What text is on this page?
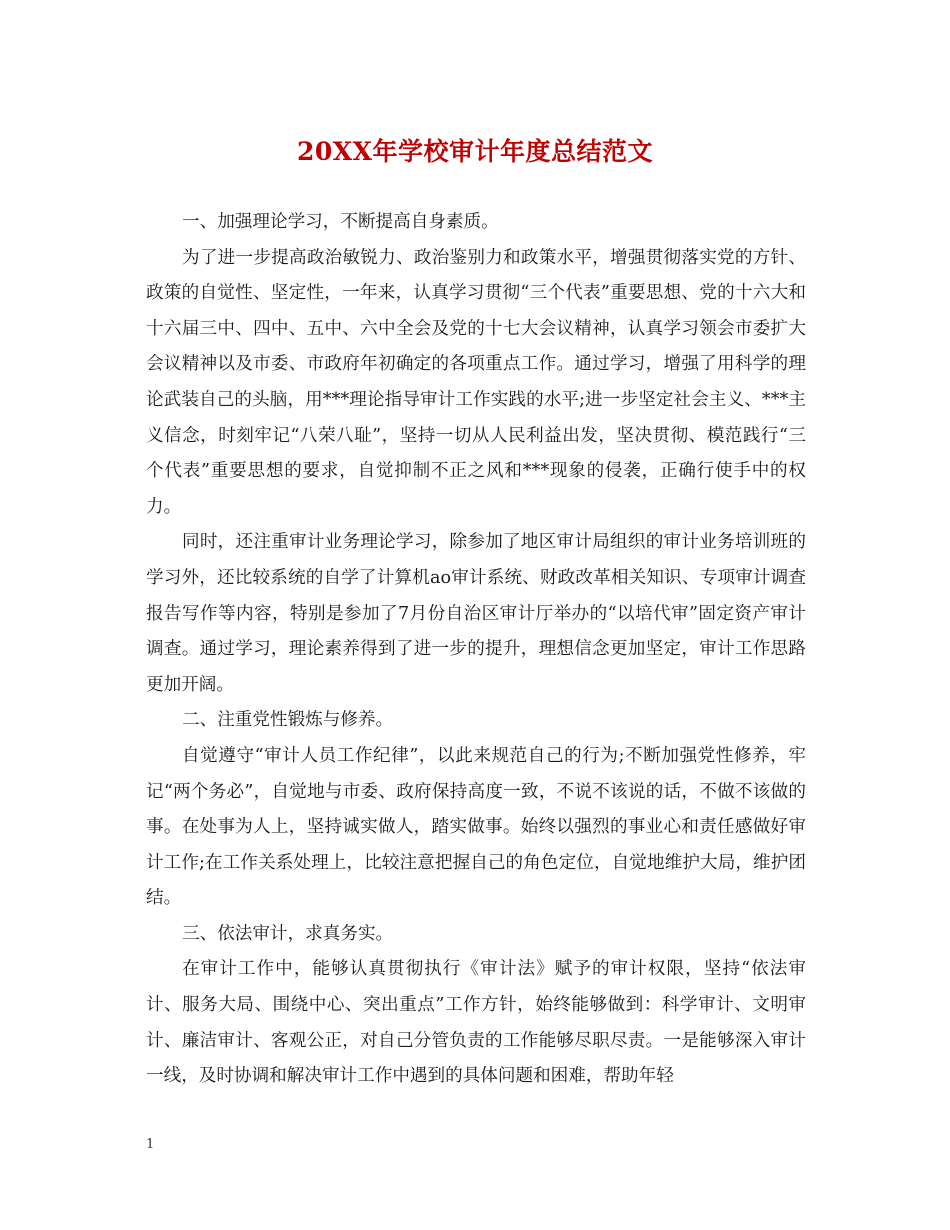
20XX年学校审计年度总结范文

一、加强理论学习，不断提高自身素质。

为了进一步提高政治敏锐力、政治鉴别力和政策水平，增强贯彻落实党的方针、政策的自觉性、坚定性，一年来，认真学习贯彻“三个代表”重要思想、党的十六大和十六届三中、四中、五中、六中全会及党的十七大会议精神，认真学习领会市委扩大会议精神以及市委、市政府年初确定的各项重点工作。通过学习，增强了用科学的理论武装自己的头脑，用***理论指导审计工作实践的水平;进一步坚定社会主义、***主义信念，时刻牢记“八荣八耻”，坚持一切从人民利益出发，坚决贯彻、模范践行“三个代表”重要思想的要求，自觉抑制不正之风和***现象的侵袭，正确行使手中的权力。

同时，还注重审计业务理论学习，除参加了地区审计局组织的审计业务培训班的学习外，还比较系统的自学了计算机ao审计系统、财政改革相关知识、专项审计调查报告写作等内容，特别是参加了7月份自治区审计厅举办的“以培代审”固定资产审计调查。通过学习，理论素养得到了进一步的提升，理想信念更加坚定，审计工作思路更加开阔。

二、注重党性锻炼与修养。

自觉遵守“审计人员工作纪律”，以此来规范自己的行为;不断加强党性修养，牢记“两个务必”，自觉地与市委、政府保持高度一致，不说不该说的话，不做不该做的事。在处事为人上，坚持诚实做人，踏实做事。始终以强烈的事业心和责任感做好审计工作;在工作关系处理上，比较注意把握自己的角色定位，自觉地维护大局，维护团结。

三、依法审计，求真务实。

在审计工作中，能够认真贯彻执行《审计法》赋予的审计权限，坚持“依法审计、服务大局、围绕中心、突出重点”工作方针，始终能够做到：科学审计、文明审计、廉洁审计、客观公正，对自己分管负责的工作能够尽职尽责。一是能够深入审计一线，及时协调和解决审计工作中遇到的具体问题和困难，帮助年轻

1
